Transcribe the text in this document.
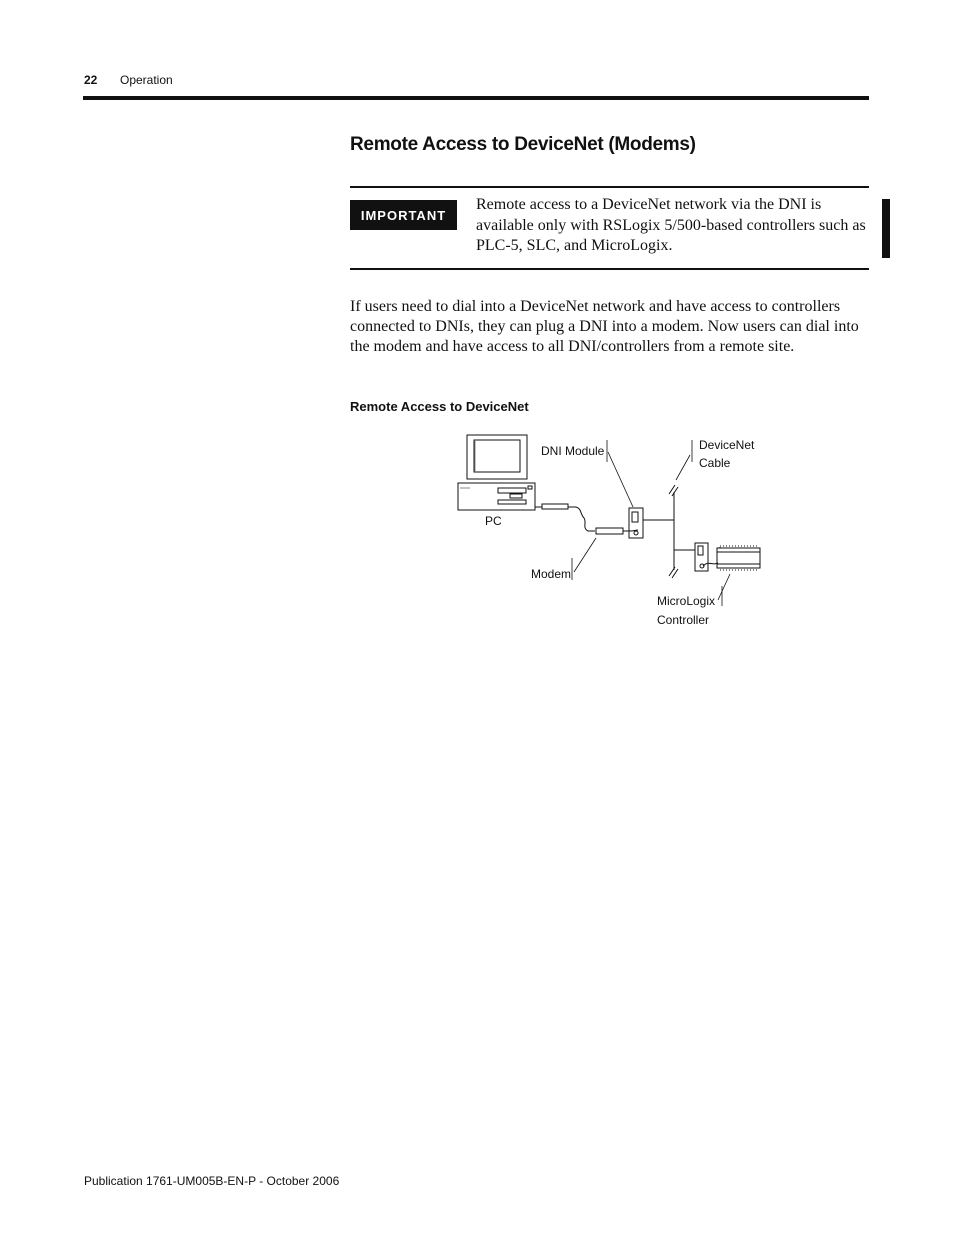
22 Operation
Remote Access to DeviceNet (Modems)
IMPORTANT
Remote access to a DeviceNet network via the DNI is available only with RSLogix 5/500-based controllers such as PLC-5, SLC, and MicroLogix.
If users need to dial into a DeviceNet network and have access to controllers connected to DNIs, they can plug a DNI into a modem. Now users can dial into the modem and have access to all DNI/controllers from a remote site.
Remote Access to DeviceNet
DNI Module	DeviceNet
Cable
PC
Modem
MicroLogix
Controller
Publication 1761-UM005B-EN-P - October 2006
